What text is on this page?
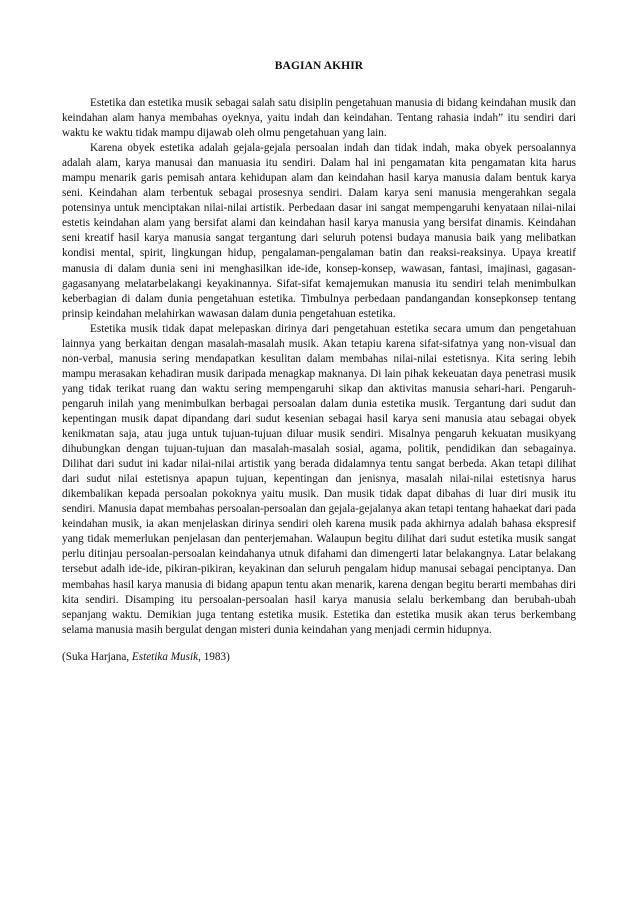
BAGIAN AKHIR

Estetika dan estetika musik sebagai salah satu disiplin pengetahuan manusia di bidang keindahan musik dan keindahan alam hanya membahas oyeknya, yaitu indah dan keindahan. Tentang rahasia indah” itu sendiri dari waktu ke waktu tidak mampu dijawab oleh olmu pengetahuan yang lain.

Karena obyek estetika adalah gejala-gejala persoalan indah dan tidak indah, maka obyek persoalannya adalah alam, karya manusai dan manuasia itu sendiri. Dalam hal ini pengamatan kita pengamatan kita harus mampu menarik garis pemisah antara kehidupan alam dan keindahan hasil karya manusia dalam bentuk karya seni. Keindahan alam terbentuk sebagai prosesnya sendiri. Dalam karya seni manusia mengerahkan segala potensinya untuk menciptakan nilai-nilai artistik. Perbedaan dasar ini sangat mempengaruhi kenyataan nilai-nilai estetis keindahan alam yang bersifat alami dan keindahan hasil karya manusia yang bersifat dinamis. Keindahan seni kreatif hasil karya manusia sangat tergantung dari seluruh potensi budaya manusia baik yang melibatkan kondisi mental, spirit, lingkungan hidup, pengalaman-pengalaman batin dan reaksi-reaksinya. Upaya kreatif manusia di dalam dunia seni ini menghasilkan ide-ide, konsep-konsep, wawasan, fantasi, imajinasi, gagasan-gagasanyang melatarbelakangi keyakinannya. Sifat-sifat kemajemukan manusia itu sendiri telah menimbulkan keberbagian di dalam dunia pengetahuan estetika. Timbulnya perbedaan pandangandan konsepkonsep tentang prinsip keindahan melahirkan wawasan dalam dunia pengetahuan estetika.

Estetika musik tidak dapat melepaskan dirinya dari pengetahuan estetika secara umum dan pengetahuan lainnya yang berkaitan dengan masalah-masalah musik. Akan tetapiu karena sifat-sifatnya yang non-visual dan non-verbal, manusia sering mendapatkan kesulitan dalam membahas nilai-nilai estetisnya. Kita sering lebih mampu merasakan kehadiran musik daripada menagkap maknanya. Di lain pihak kekeuatan daya penetrasi musik yang tidak terikat ruang dan waktu sering mempengaruhi sikap dan aktivitas manusia sehari-hari. Pengaruh-pengaruh inilah yang menimbulkan berbagai persoalan dalam dunia estetika musik. Tergantung dari sudut dan kepentingan musik dapat dipandang dari sudut kesenian sebagai hasil karya seni manusia atau sebagai obyek kenikmatan saja, atau juga untuk tujuan-tujuan diluar musik sendiri. Misalnya pengaruh kekuatan musikyang dihubungkan dengan tujuan-tujuan dan masalah-masalah sosial, agama, politik, pendidikan dan sebagainya. Dilihat dari sudut ini kadar nilai-nilai artistik yang berada didalamnya tentu sangat berbeda. Akan tetapi dilihat dari sudut nilai estetisnya apapun tujuan, kepentingan dan jenisnya, masalah nilai-nilai estetisnya harus dikembalikan kepada persoalan pokoknya yaitu musik. Dan musik tidak dapat dibahas di luar diri musik itu sendiri. Manusia dapat membahas persoalan-persoalan dan gejala-gejalanya akan tetapi tentang hahaekat dari pada keindahan musik, ia akan menjelaskan dirinya sendiri oleh karena musik pada akhirnya adalah bahasa ekspresif yang tidak memerlukan penjelasan dan penterjemahan. Walaupun begitu dilihat dari sudut estetika musik sangat perlu ditinjau persoalan-persoalan keindahanya utnuk difahami dan dimengerti latar belakangnya. Latar belakang tersebut adalh ide-ide, pikiran-pikiran, keyakinan dan seluruh pengalam hidup manusai sebagai penciptanya. Dan membahas hasil karya manusia di bidang apapun tentu akan menarik, karena dengan begitu berarti membahas diri kita sendiri. Disamping itu persoalan-persoalan hasil karya manusia selalu berkembang dan berubah-ubah sepanjang waktu. Demikian juga tentang estetika musik. Estetika dan estetika musik akan terus berkembang selama manusia masih bergulat dengan misteri dunia keindahan yang menjadi cermin hidupnya.

(Suka Harjana, Estetika Musik, 1983)
